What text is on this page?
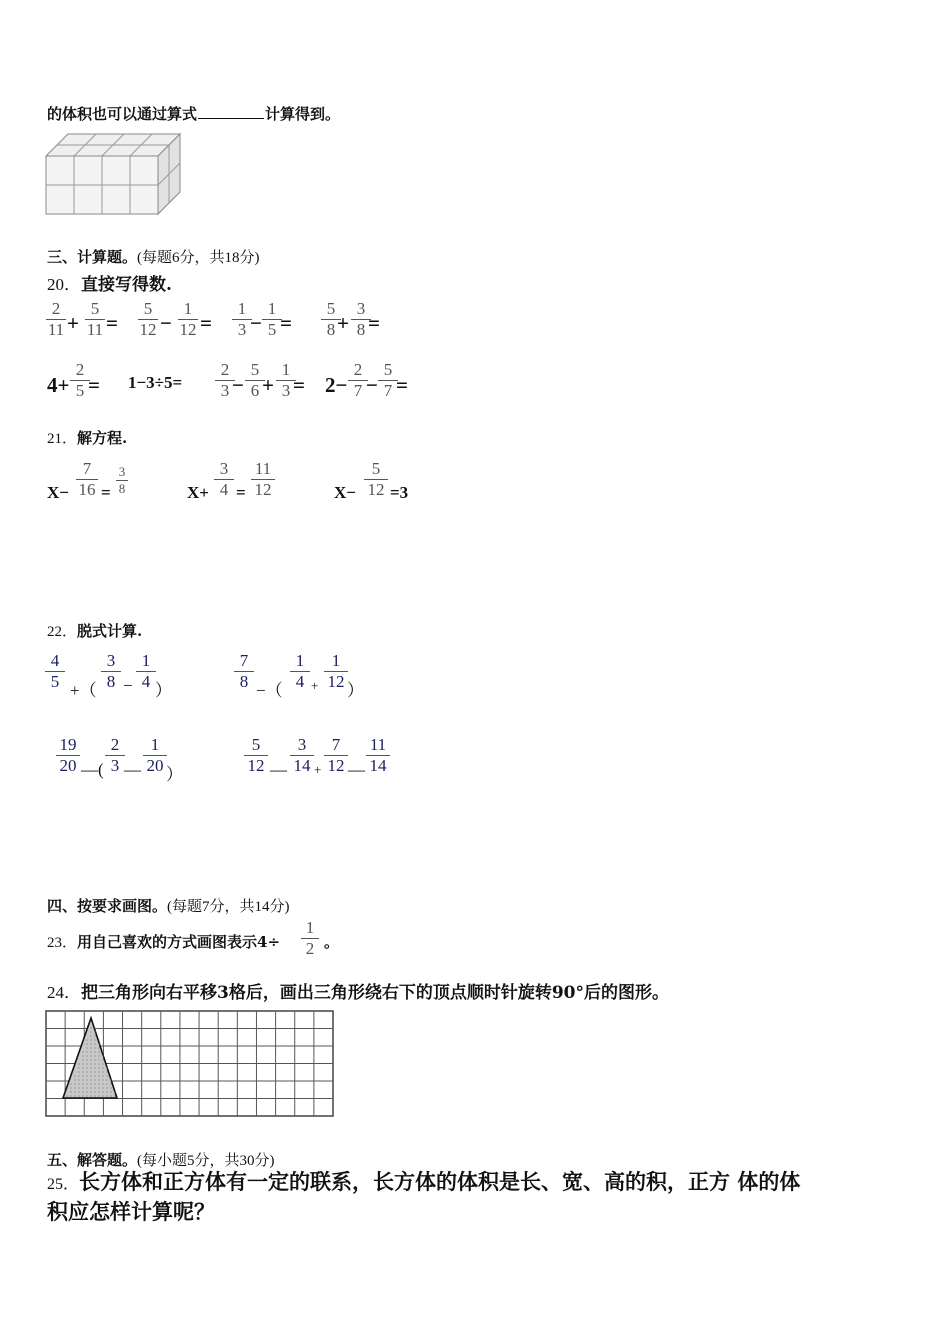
的体积也可以通过算式	计算得到。
三、计算题。(每题6分，共18分)
20．直接写得数.
2
11 +
5
11 =
5
12 −
1
12 =
1
3 −
1
5 =
5
8 +
3
8 =
4+
2
5 = 1−3÷5=
2
3 −
5
6 +
1
3 = 2−
2
7 −
5
7 =
21．解方程.
X−
7
16 =
3
8	X+
3
4 =
11
12	X−
5
12 =3
22．脱式计算.
4
5 +（
3
8 −
1
4 ）
7
8 −（
1
4 +
1
12 ）
19
20 —(
2
3 —
1
20 ）
5
12 —
3
14 +
7
12 —
11
14
四、按要求画图。(每题7分，共14分)
23．用自己喜欢的方式画图表示4÷
1
2 。
24．把三角形向右平移3格后，画出三角形绕右下的顶点顺时针旋转90°后的图形。
五、解答题。(每小题5分，共30分)
25．长方体和正方体有一定的联系，长方体的体积是长、宽、高的积，正方 体的体
积应怎样计算呢？
